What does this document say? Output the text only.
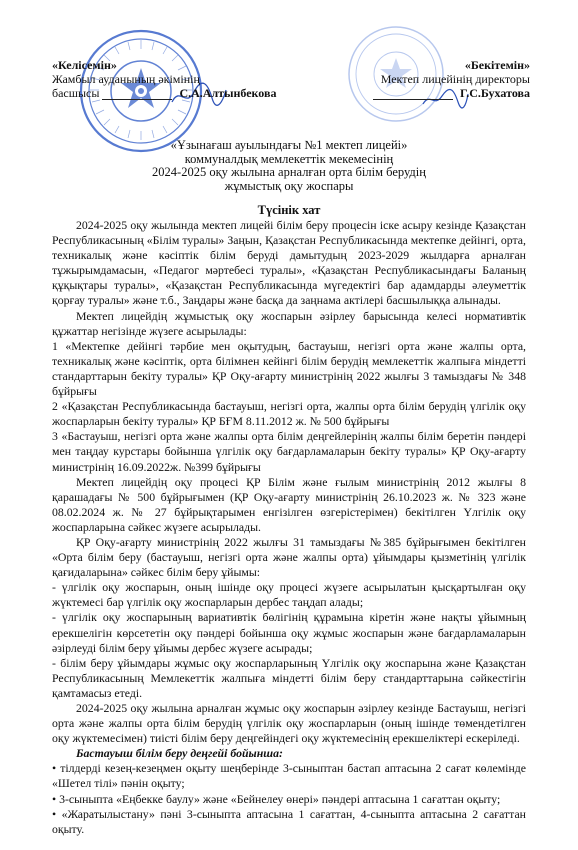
«Келісемін»
Жамбыл ауданының әкімінің
басшысы	С.А.Алтынбекова
«Бекітемін»
Мектеп лицейінің директоры
Г.С.Бухатова
«Ұзынағаш ауылындағы №1 мектеп лицейі»
коммуналдық мемлекеттік мекемесінің
2024-2025 оқу жылына арналған орта білім берудің
жұмыстық оқу жоспары
Түсінік хат

2024-2025 оқу жылында мектеп лицейі білім беру процесін іске асыру кезінде Қазақстан Республикасының «Білім туралы» Заңын, Қазақстан Республикасында мектепке дейінгі, орта, техникалық және кәсіптік білім беруді дамытудың 2023-2029 жылдарға арналған тұжырымдамасын, «Педагог мәртебесі туралы», «Қазақстан Республикасындағы Баланың құқықтары туралы», «Қазақстан Республикасында мүгедектігі бар адамдарды әлеуметтік қорғау туралы» және т.б., Заңдары және басқа да заңнама актілері басшылыққа алынады.

Мектеп лицейдің жұмыстық оқу жоспарын әзірлеу барысында келесі нормативтік құжаттар негізінде жүзеге асырылады:

1 «Мектепке дейінгі тәрбие мен оқытудың, бастауыш, негізгі орта және жалпы орта, техникалық және кәсіптік, орта білімнен кейінгі білім берудің мемлекеттік жалпыға міндетті стандарттарын бекіту туралы» ҚР Оқу-ағарту министрінің 2022 жылғы 3 тамыздағы № 348 бұйрығы

2 «Қазақстан Республикасында бастауыш, негізгі орта, жалпы орта білім берудің үлгілік оқу жоспарларын бекіту туралы» ҚР БҒМ 8.11.2012 ж. № 500 бұйрығы

3 «Бастауыш, негізгі орта және жалпы орта білім деңгейлерінің жалпы білім беретін пәндері мен таңдау курстары бойынша үлгілік оқу бағдарламаларын бекіту туралы» ҚР Оқу-ағарту министрінің 16.09.2022ж. №399 бұйрығы

Мектеп лицейдің оқу процесі ҚР Білім және ғылым министрінің 2012 жылғы 8 қарашадағы № 500 бұйрығымен (ҚР Оқу-ағарту министрінің 26.10.2023 ж. № 323 және 08.02.2024 ж. № 27 бұйрықтарымен енгізілген өзгерістерімен) бекітілген Үлгілік оқу жоспарларына сәйкес жүзеге асырылады.

ҚР Оқу-ағарту министрінің 2022 жылғы 31 тамыздағы №385 бұйрығымен бекітілген «Орта білім беру (бастауыш, негізгі орта және жалпы орта) ұйымдары қызметінің үлгілік қағидаларына» сәйкес білім беру ұйымы:

- үлгілік оқу жоспарын, оның ішінде оқу процесі жүзеге асырылатын қысқартылған оқу жүктемесі бар үлгілік оқу жоспарларын дербес таңдап алады;

- үлгілік оқу жоспарының вариативтік бөлігінің құрамына кіретін және нақты ұйымның ерекшелігін көрсететін оқу пәндері бойынша оқу жұмыс жоспарын және бағдарламаларын әзірлеуді білім беру ұйымы дербес жүзеге асырады;

- білім беру ұйымдары жұмыс оқу жоспарларының Үлгілік оқу жоспарына және Қазақстан Республикасының Мемлекеттік жалпыға міндетті білім беру стандарттарына сәйкестігін қамтамасыз етеді.

2024-2025 оқу жылына арналған жұмыс оқу жоспарын әзірлеу кезінде Бастауыш, негізгі орта және жалпы орта білім берудің үлгілік оқу жоспарларын (оның ішінде төмендетілген оқу жүктемесімен) тиісті білім беру деңгейіндегі оқу жүктемесінің ерекшеліктері ескеріледі.

Бастауыш білім беру деңгейі бойынша:

• тілдерді кезең-кезеңмен оқыту шеңберінде 3-сыныптан бастап аптасына 2 сағат көлемінде «Шетел тілі» пәнін оқыту;

• 3-сыныпта «Еңбекке баулу» және «Бейнелеу өнері» пәндері аптасына 1 сағаттан оқыту;

• «Жаратылыстану» пәні 3-сыныпта аптасына 1 сағаттан, 4-сыныпта аптасына 2 сағаттан оқыту.
